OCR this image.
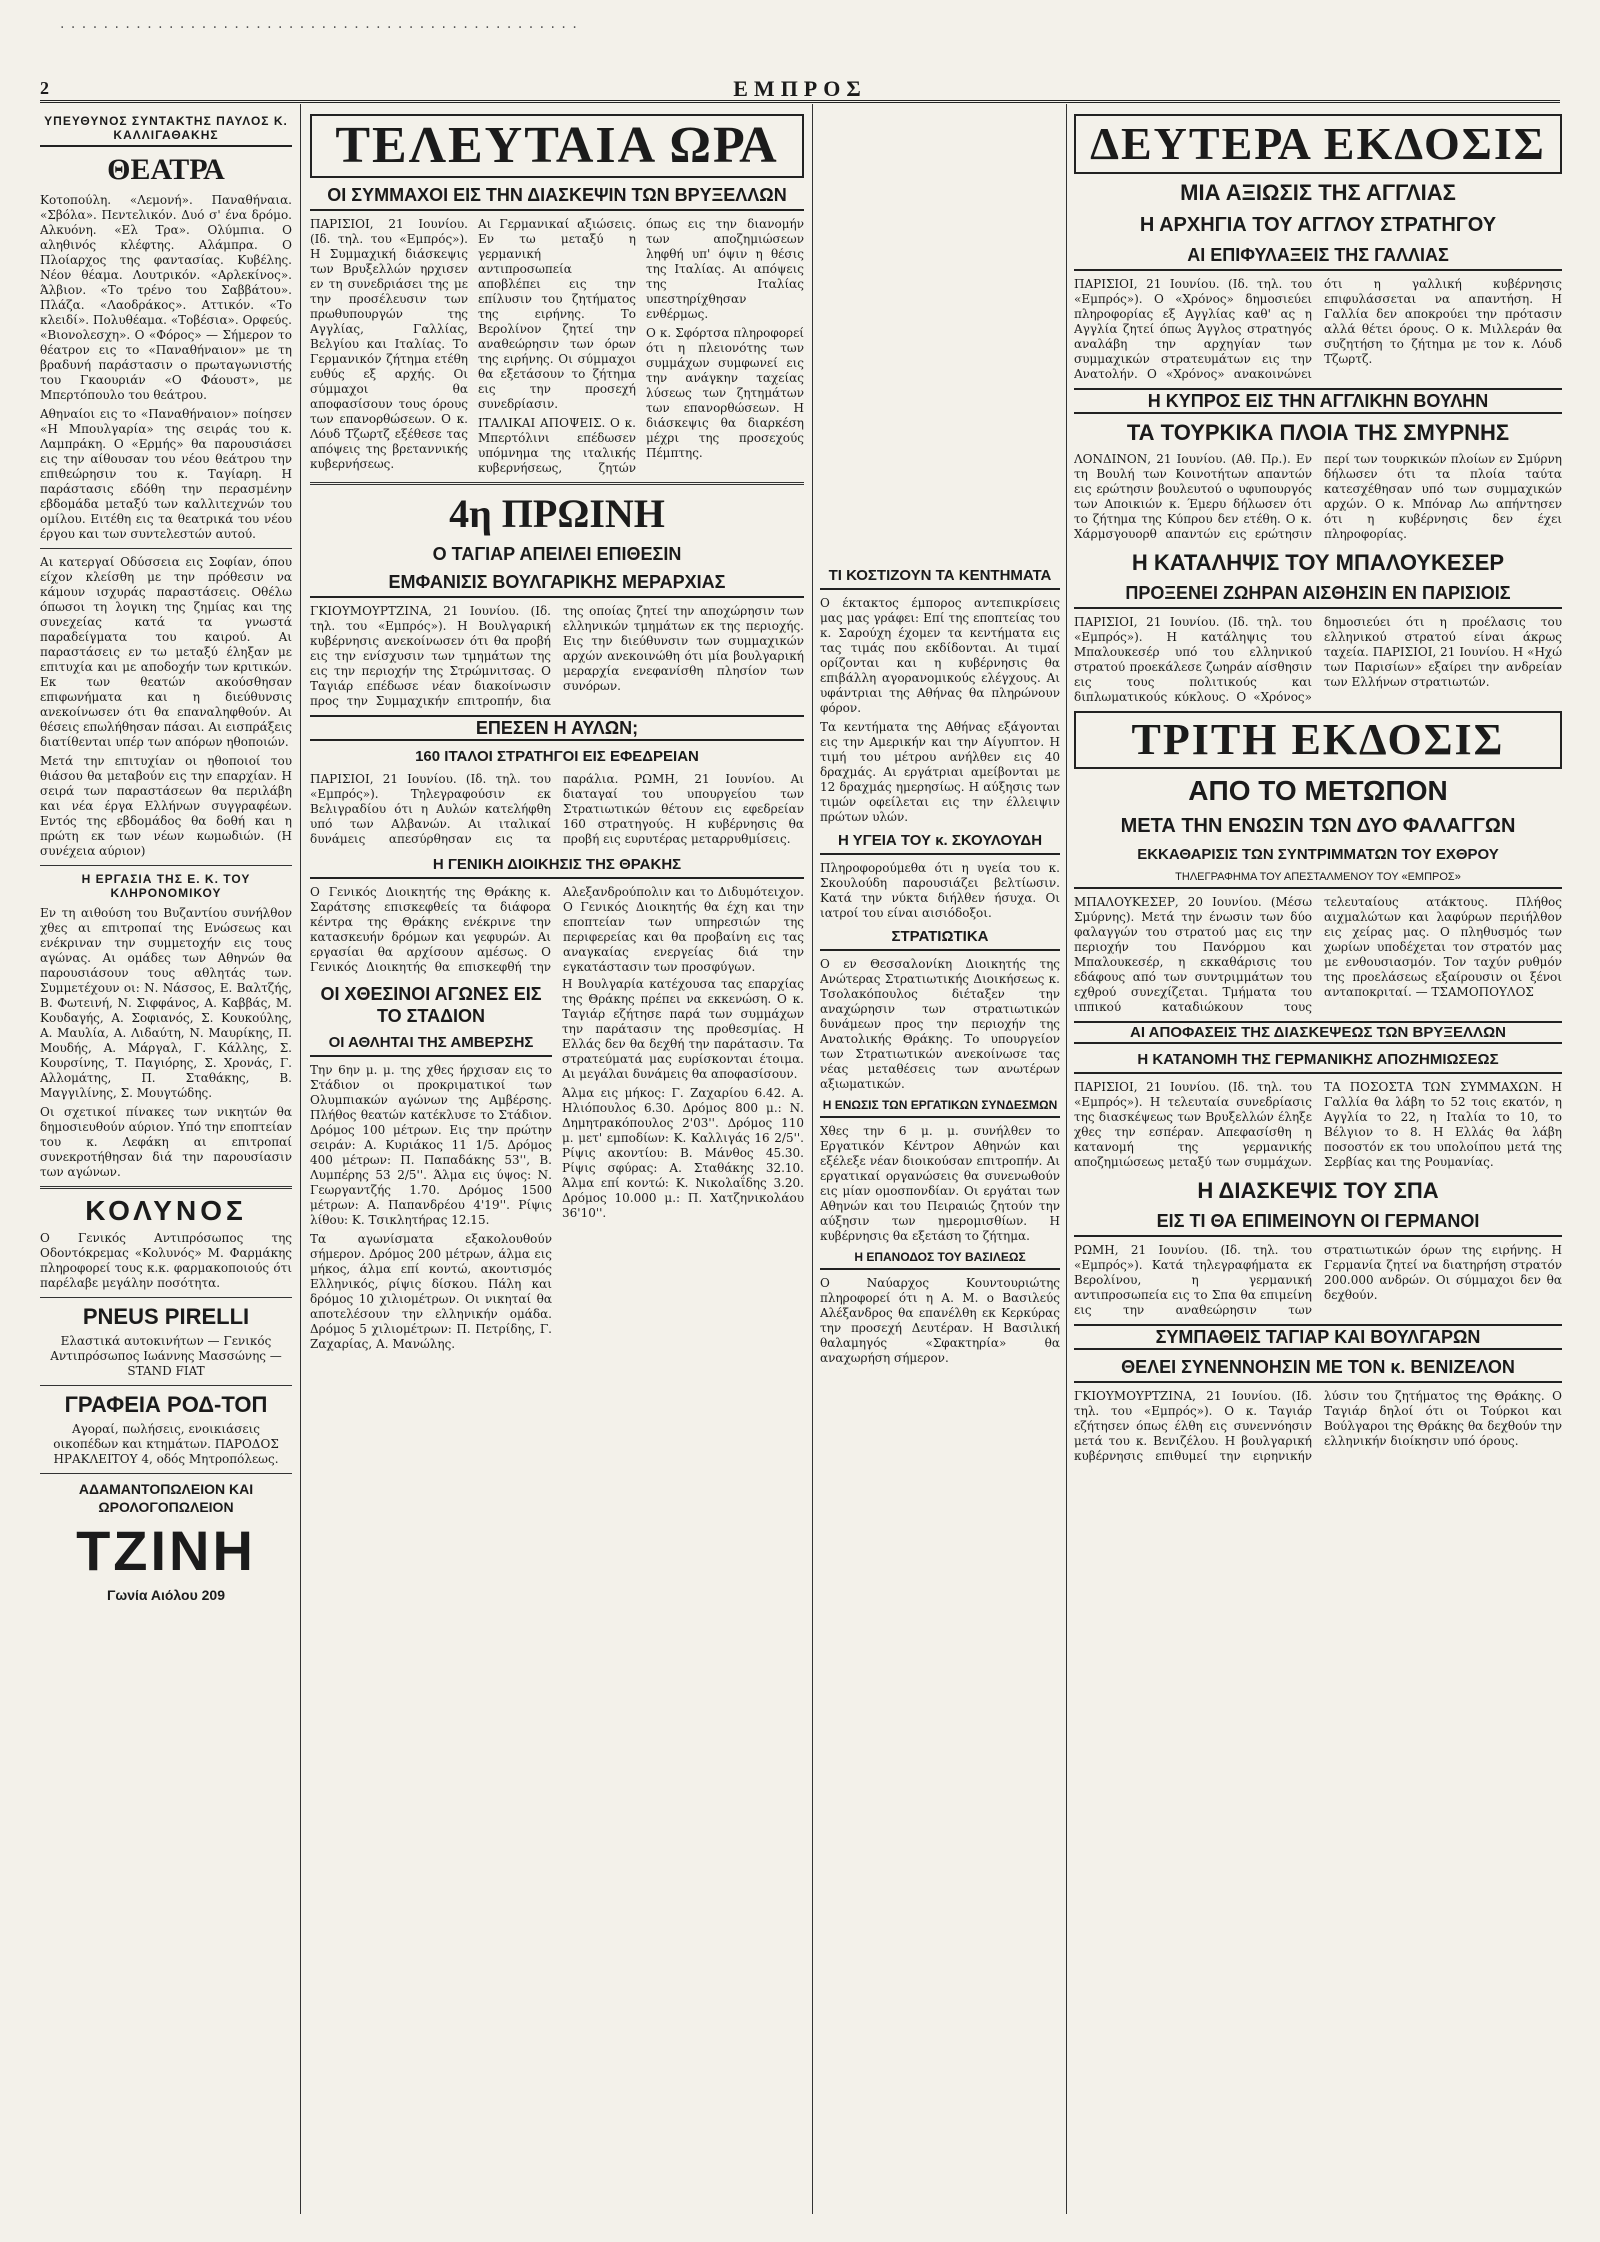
· · · · · · · · · · · · · · · · · · · · · · · · · · · · · · · · · · · · · · · · · · · · · · · ·
2	ΕΜΠΡΟΣ
ΥΠΕΥΘΥΝΟΣ ΣΥΝΤΑΚΤΗΣ ΠΑΥΛΟΣ Κ. ΚΑΛΛΙΓΑΘΑΚΗΣ
ΘΕΑΤΡΑ

Κοτοπούλη. «Λεμονή». Παναθήναια. «Σβόλα». Πεντελικόν. Δυό σ' ένα δρόμο. Αλκυόνη. «Ελ Τρα». Ολύμπια. Ο αληθινός κλέφτης. Αλάμπρα. Ο Πλοίαρχος της φαντασίας. Κυβέλης. Νέον θέαμα. Λουτρικόν. «Αρλεκίνος». Άλβιον. «Το τρένο του Σαββάτου». Πλάζα. «Λαοδράκος». Αττικόν. «Το κλειδί». Πολυθέαμα. «Τοβέσια». Ορφεύς. «Βιονολεσχη». Ο «Φόρος» — Σήμερον το θέατρον εις το «Παναθήναιον» με τη βραδυνή παράστασιν ο πρωταγωνιστής του Γκαουριάν «Ο Φάουστ», με Μπερτόπουλο του θεάτρου.

Αθηναίοι εις το «Παναθήναιον» ποίησεν «Η Μπουλγαρία» της σειράς του κ. Λαμπράκη. Ο «Ερμής» θα παρουσιάσει εις την αίθουσαν του νέου θεάτρου την επιθεώρησιν του κ. Ταγίαρη. Η παράστασις εδόθη την περασμένην εβδομάδα μεταξύ των καλλιτεχνών του ομίλου. Ειτέθη εις τα θεατρικά του νέου έργου και των συντελεστών αυτού.

Αι κατεργαί Οδύσσεια εις Σοφίαν, όπου είχον κλείσθη με την πρόθεσιν να κάμουν ισχυράς παραστάσεις. Οθέλω όπωσοι τη λογικη της ζημίας και της συνεχείας κατά τα γνωστά παραδείγματα του καιρού. Αι παραστάσεις εν τω μεταξύ έληξαν με επιτυχία και με αποδοχήν των κριτικών. Εκ των θεατών ακούσθησαν επιφωνήματα και η διεύθυνσις ανεκοίνωσεν ότι θα επαναληφθούν. Αι θέσεις επωλήθησαν πάσαι. Αι εισπράξεις διατίθενται υπέρ των απόρων ηθοποιών.

Μετά την επιτυχίαν οι ηθοποιοί του θιάσου θα μεταβούν εις την επαρχίαν. Η σειρά των παραστάσεων θα περιλάβη και νέα έργα Ελλήνων συγγραφέων. Εντός της εβδομάδος θα δοθή και η πρώτη εκ των νέων κωμωδιών. (Η συνέχεια αύριον)

Η ΕΡΓΑΣΙΑ ΤΗΣ Ε. Κ. ΤΟΥ ΚΛΗΡΟΝΟΜΙΚΟΥ

Εν τη αιθούση του Βυζαντίου συνήλθον χθες αι επιτροπαί της Ενώσεως και ενέκριναν την συμμετοχήν εις τους αγώνας. Αι ομάδες των Αθηνών θα παρουσιάσουν τους αθλητάς των. Συμμετέχουν οι: Ν. Νάσσος, Ε. Βαλτζής, Β. Φωτεινή, Ν. Σιφφάνος, Α. Καββάς, Μ. Κουδαγής, Α. Σοφιανός, Σ. Κουκούλης, Α. Μαυλία, Α. Λιδαύτη, Ν. Μαυρίκης, Π. Μουδής, Α. Μάργαλ, Γ. Κάλλης, Σ. Κουρσίνης, Τ. Παγιόρης, Σ. Χρονάς, Γ. Αλλομάτης, Π. Σταθάκης, Β. Μαγγιλίνης, Σ. Μουγτώδης.

Οι σχετικοί πίνακες των νικητών θα δημοσιευθούν αύριον. Υπό την εποπτείαν του κ. Λεφάκη αι επιτροπαί συνεκροτήθησαν διά την παρουσίασιν των αγώνων.

ΚΟΛΥΝΟΣ

Ο Γενικός Αντιπρόσωπος της Οδοντόκρεμας «Κολυνός» Μ. Φαρμάκης πληροφορεί τους κ.κ. φαρμακοποιούς ότι παρέλαβε μεγάλην ποσότητα.

PNEUS PIRELLI

Ελαστικά αυτοκινήτων — Γενικός Αντιπρόσωπος Ιωάννης Μασσώνης — STAND FIAT

ΓΡΑΦΕΙΑ ΡΟΔ-ΤΟΠ

Αγοραί, πωλήσεις, ενοικιάσεις οικοπέδων και κτημάτων. ΠΑΡΟΔΟΣ ΗΡΑΚΛΕΙΤΟΥ 4, οδός Μητροπόλεως.

ΑΔΑΜΑΝΤΟΠΩΛΕΙΟΝ ΚΑΙ ΩΡΟΛΟΓΟΠΩΛΕΙΟΝ
ΤΖΙΝΗ
Γωνία Αιόλου 209
ΤΕΛΕΥΤΑΙΑ ΩΡΑ
ΟΙ ΣΥΜΜΑΧΟΙ ΕΙΣ ΤΗΝ ΔΙΑΣΚΕΨΙΝ ΤΩΝ ΒΡΥΞΕΛΛΩΝ

ΠΑΡΙΣΙΟΙ, 21 Ιουνίου. (Ιδ. τηλ. του «Εμπρός»). Η Συμμαχική διάσκεψις των Βρυξελλών ηρχισεν εν τη συνεδριάσει της με την προσέλευσιν των πρωθυπουργών της Αγγλίας, Γαλλίας, Βελγίου και Ιταλίας. Το Γερμανικόν ζήτημα ετέθη ευθύς εξ αρχής. Οι σύμμαχοι θα αποφασίσουν τους όρους των επανορθώσεων. Ο κ. Λόυδ Τζωρτζ εξέθεσε τας απόψεις της βρεταννικής κυβερνήσεως.

Αι Γερμανικαί αξιώσεις. Εν τω μεταξύ η γερμανική αντιπροσωπεία αποβλέπει εις την επίλυσιν του ζητήματος της ειρήνης. Το Βερολίνον ζητεί την αναθεώρησιν των όρων της ειρήνης. Οι σύμμαχοι θα εξετάσουν το ζήτημα εις την προσεχή συνεδρίασιν.

ΙΤΑΛΙΚΑΙ ΑΠΟΨΕΙΣ. Ο κ. Μπερτόλινι επέδωσεν υπόμνημα της ιταλικής κυβερνήσεως, ζητών όπως εις την διανομήν των αποζημιώσεων ληφθή υπ' όψιν η θέσις της Ιταλίας. Αι απόψεις της Ιταλίας υπεστηρίχθησαν ενθέρμως.

Ο κ. Σφόρτσα πληροφορεί ότι η πλειονότης των συμμάχων συμφωνεί εις την ανάγκην ταχείας λύσεως των ζητημάτων των επανορθώσεων. Η διάσκεψις θα διαρκέση μέχρι της προσεχούς Πέμπτης.

4η ΠΡΩΙΝΗ
Ο ΤΑΓΙΑΡ ΑΠΕΙΛΕΙ ΕΠΙΘΕΣΙΝ
ΕΜΦΑΝΙΣΙΣ ΒΟΥΛΓΑΡΙΚΗΣ ΜΕΡΑΡΧΙΑΣ

ΓΚΙΟΥΜΟΥΡΤΖΙΝΑ, 21 Ιουνίου. (Ιδ. τηλ. του «Εμπρός»). Η Βουλγαρική κυβέρνησις ανεκοίνωσεν ότι θα προβή εις την ενίσχυσιν των τμημάτων της εις την περιοχήν της Στρώμνιτσας. Ο Ταγιάρ επέδωσε νέαν διακοίνωσιν προς την Συμμαχικήν επιτροπήν, δια της οποίας ζητεί την αποχώρησιν των ελληνικών τμημάτων εκ της περιοχής. Εις την διεύθυνσιν των συμμαχικών αρχών ανεκοινώθη ότι μία βουλγαρική μεραρχία ενεφανίσθη πλησίον των συνόρων.

ΕΠΕΣΕΝ Η ΑΥΛΩΝ;
160 ΙΤΑΛΟΙ ΣΤΡΑΤΗΓΟΙ ΕΙΣ ΕΦΕΔΡΕΙΑΝ

ΠΑΡΙΣΙΟΙ, 21 Ιουνίου. (Ιδ. τηλ. του «Εμπρός»). Τηλεγραφούσιν εκ Βελιγραδίου ότι η Αυλών κατελήφθη υπό των Αλβανών. Αι ιταλικαί δυνάμεις απεσύρθησαν εις τα παράλια. ΡΩΜΗ, 21 Ιουνίου. Αι διαταγαί του υπουργείου των Στρατιωτικών θέτουν εις εφεδρείαν 160 στρατηγούς. Η κυβέρνησις θα προβή εις ευρυτέρας μεταρρυθμίσεις.

Η ΓΕΝΙΚΗ ΔΙΟΙΚΗΣΙΣ ΤΗΣ ΘΡΑΚΗΣ

Ο Γενικός Διοικητής της Θράκης κ. Σαράτσης επισκεφθείς τα διάφορα κέντρα της Θράκης ενέκρινε την κατασκευήν δρόμων και γεφυρών. Αι εργασίαι θα αρχίσουν αμέσως. Ο Γενικός Διοικητής θα επισκεφθή την Αλεξανδρούπολιν και το Διδυμότειχον. Ο Γενικός Διοικητής θα έχη και την εποπτείαν των υπηρεσιών της περιφερείας και θα προβαίνη εις τας αναγκαίας ενεργείας διά την εγκατάστασιν των προσφύγων.

ΟΙ ΧΘΕΣΙΝΟΙ ΑΓΩΝΕΣ ΕΙΣ ΤΟ ΣΤΑΔΙΟΝ
ΟΙ ΑΘΛΗΤΑΙ ΤΗΣ ΑΜΒΕΡΣΗΣ

Την 6ην μ. μ. της χθες ήρχισαν εις το Στάδιον οι προκριματικοί των Ολυμπιακών αγώνων της Αμβέρσης. Πλήθος θεατών κατέκλυσε το Στάδιον. Δρόμος 100 μέτρων. Εις την πρώτην σειράν: Α. Κυριάκος 11 1/5. Δρόμος 400 μέτρων: Π. Παπαδάκης 53'', Β. Λυμπέρης 53 2/5''. Άλμα εις ύψος: Ν. Γεωργαντζής 1.70. Δρόμος 1500 μέτρων: Α. Παπανδρέου 4'19''. Ρίψις λίθου: Κ. Τσικλητήρας 12.15.

Τα αγωνίσματα εξακολουθούν σήμερον. Δρόμος 200 μέτρων, άλμα εις μήκος, άλμα επί κοντώ, ακοντισμός Ελληνικός, ρίψις δίσκου. Πάλη και δρόμος 10 χιλιομέτρων. Οι νικηταί θα αποτελέσουν την ελληνικήν ομάδα. Δρόμος 5 χιλιομέτρων: Π. Πετρίδης, Γ. Ζαχαρίας, Α. Μανώλης.

Η Βουλγαρία κατέχουσα τας επαρχίας της Θράκης πρέπει να εκκενώση. Ο κ. Ταγιάρ εζήτησε παρά των συμμάχων την παράτασιν της προθεσμίας. Η Ελλάς δεν θα δεχθή την παράτασιν. Τα στρατεύματά μας ευρίσκονται έτοιμα. Αι μεγάλαι δυνάμεις θα αποφασίσουν.

Άλμα εις μήκος: Γ. Ζαχαρίου 6.42. Α. Ηλιόπουλος 6.30. Δρόμος 800 μ.: Ν. Δημητρακόπουλος 2'03''. Δρόμος 110 μ. μετ' εμποδίων: Κ. Καλλιγάς 16 2/5''. Ρίψις ακοντίου: Β. Μάνθος 45.30. Ρίψις σφύρας: Α. Σταθάκης 32.10. Άλμα επί κοντώ: Κ. Νικολαΐδης 3.20. Δρόμος 10.000 μ.: Π. Χατζηνικολάου 36'10''.

ΤΙ ΚΟΣΤΙΖΟΥΝ ΤΑ ΚΕΝΤΗΜΑΤΑ

Ο έκτακτος έμπορος αντεπικρίσεις μας μας γράφει: Επί της εποπτείας του κ. Σαρούχη έχομεν τα κεντήματα εις τας τιμάς που εκδίδονται. Αι τιμαί ορίζονται και η κυβέρνησις θα επιβάλλη αγορανομικούς ελέγχους. Αι υφάντριαι της Αθήνας θα πληρώνουν φόρον.

Τα κεντήματα της Αθήνας εξάγονται εις την Αμερικήν και την Αίγυπτον. Η τιμή του μέτρου ανήλθεν εις 40 δραχμάς. Αι εργάτριαι αμείβονται με 12 δραχμάς ημερησίως. Η αύξησις των τιμών οφείλεται εις την έλλειψιν πρώτων υλών.

Η ΥΓΕΙΑ ΤΟΥ κ. ΣΚΟΥΛΟΥΔΗ

Πληροφορούμεθα ότι η υγεία του κ. Σκουλούδη παρουσιάζει βελτίωσιν. Κατά την νύκτα διήλθεν ήσυχα. Οι ιατροί του είναι αισιόδοξοι.

ΣΤΡΑΤΙΩΤΙΚΑ

Ο εν Θεσσαλονίκη Διοικητής της Ανώτερας Στρατιωτικής Διοικήσεως κ. Τσολακόπουλος διέταξεν την αναχώρησιν των στρατιωτικών δυνάμεων προς την περιοχήν της Ανατολικής Θράκης. Το υπουργείον των Στρατιωτικών ανεκοίνωσε τας νέας μεταθέσεις των ανωτέρων αξιωματικών.

Η ΕΝΩΣΙΣ ΤΩΝ ΕΡΓΑΤΙΚΩΝ ΣΥΝΔΕΣΜΩΝ

Χθες την 6 μ. μ. συνήλθεν το Εργατικόν Κέντρον Αθηνών και εξέλεξε νέαν διοικούσαν επιτροπήν. Αι εργατικαί οργανώσεις θα συνενωθούν εις μίαν ομοσπονδίαν. Οι εργάται των Αθηνών και του Πειραιώς ζητούν την αύξησιν των ημερομισθίων. Η κυβέρνησις θα εξετάση το ζήτημα.

Η ΕΠΑΝΟΔΟΣ ΤΟΥ ΒΑΣΙΛΕΩΣ

Ο Ναύαρχος Κουντουριώτης πληροφορεί ότι η Α. Μ. ο Βασιλεύς Αλέξανδρος θα επανέλθη εκ Κερκύρας την προσεχή Δευτέραν. Η Βασιλική θαλαμηγός «Σφακτηρία» θα αναχωρήση σήμερον.

ΔΕΥΤΕΡΑ ΕΚΔΟΣΙΣ
ΜΙΑ ΑΞΙΩΣΙΣ ΤΗΣ ΑΓΓΛΙΑΣ
Η ΑΡΧΗΓΙΑ ΤΟΥ ΑΓΓΛΟΥ ΣΤΡΑΤΗΓΟΥ
ΑΙ ΕΠΙΦΥΛΑΞΕΙΣ ΤΗΣ ΓΑΛΛΙΑΣ

ΠΑΡΙΣΙΟΙ, 21 Ιουνίου. (Ιδ. τηλ. του «Εμπρός»). Ο «Χρόνος» δημοσιεύει πληροφορίας εξ Αγγλίας καθ' ας η Αγγλία ζητεί όπως Άγγλος στρατηγός αναλάβη την αρχηγίαν των συμμαχικών στρατευμάτων εις την Ανατολήν. Ο «Χρόνος» ανακοινώνει ότι η γαλλική κυβέρνησις επιφυλάσσεται να απαντήση. Η Γαλλία δεν αποκρούει την πρότασιν αλλά θέτει όρους. Ο κ. Μιλλεράν θα συζητήση το ζήτημα με τον κ. Λόυδ Τζωρτζ.

Η ΚΥΠΡΟΣ ΕΙΣ ΤΗΝ ΑΓΓΛΙΚΗΝ ΒΟΥΛΗΝ
ΤΑ ΤΟΥΡΚΙΚΑ ΠΛΟΙΑ ΤΗΣ ΣΜΥΡΝΗΣ

ΛΟΝΔΙΝΟΝ, 21 Ιουνίου. (Αθ. Πρ.). Εν τη Βουλή των Κοινοτήτων απαντών εις ερώτησιν βουλευτού ο υφυπουργός των Αποικιών κ. Έμερυ δήλωσεν ότι το ζήτημα της Κύπρου δεν ετέθη. Ο κ. Χάρμσγουορθ απαντών εις ερώτησιν περί των τουρκικών πλοίων εν Σμύρνη δήλωσεν ότι τα πλοία ταύτα κατεσχέθησαν υπό των συμμαχικών αρχών. Ο κ. Μπόναρ Λω απήντησεν ότι η κυβέρνησις δεν έχει πληροφορίας.

Η ΚΑΤΑΛΗΨΙΣ ΤΟΥ ΜΠΑΛΟΥΚΕΣΕΡ
ΠΡΟΞΕΝΕΙ ΖΩΗΡΑΝ ΑΙΣΘΗΣΙΝ ΕΝ ΠΑΡΙΣΙΟΙΣ

ΠΑΡΙΣΙΟΙ, 21 Ιουνίου. (Ιδ. τηλ. του «Εμπρός»). Η κατάληψις του Μπαλουκεσέρ υπό του ελληνικού στρατού προεκάλεσε ζωηράν αίσθησιν εις τους πολιτικούς και διπλωματικούς κύκλους. Ο «Χρόνος» δημοσιεύει ότι η προέλασις του ελληνικού στρατού είναι άκρως ταχεία. ΠΑΡΙΣΙΟΙ, 21 Ιουνίου. Η «Ηχώ των Παρισίων» εξαίρει την ανδρείαν των Ελλήνων στρατιωτών.

ΤΡΙΤΗ ΕΚΔΟΣΙΣ
ΑΠΟ ΤΟ ΜΕΤΩΠΟΝ
ΜΕΤΑ ΤΗΝ ΕΝΩΣΙΝ ΤΩΝ ΔΥΟ ΦΑΛΑΓΓΩΝ
ΕΚΚΑΘΑΡΙΣΙΣ ΤΩΝ ΣΥΝΤΡΙΜΜΑΤΩΝ ΤΟΥ ΕΧΘΡΟΥ
ΤΗΛΕΓΡΑΦΗΜΑ ΤΟΥ ΑΠΕΣΤΑΛΜΕΝΟΥ ΤΟΥ «ΕΜΠΡΟΣ»

ΜΠΑΛΟΥΚΕΣΕΡ, 20 Ιουνίου. (Μέσω Σμύρνης). Μετά την ένωσιν των δύο φαλαγγών του στρατού μας εις την περιοχήν του Πανόρμου και Μπαλουκεσέρ, η εκκαθάρισις του εδάφους από των συντριμμάτων του εχθρού συνεχίζεται. Τμήματα του ιππικού καταδιώκουν τους τελευταίους ατάκτους. Πλήθος αιχμαλώτων και λαφύρων περιήλθον εις χείρας μας. Ο πληθυσμός των χωρίων υποδέχεται τον στρατόν μας με ενθουσιασμόν. Τον ταχύν ρυθμόν της προελάσεως εξαίρουσιν οι ξένοι ανταποκριταί. — ΤΣΑΜΟΠΟΥΛΟΣ

ΑΙ ΑΠΟΦΑΣΕΙΣ ΤΗΣ ΔΙΑΣΚΕΨΕΩΣ ΤΩΝ ΒΡΥΞΕΛΛΩΝ
Η ΚΑΤΑΝΟΜΗ ΤΗΣ ΓΕΡΜΑΝΙΚΗΣ ΑΠΟΖΗΜΙΩΣΕΩΣ

ΠΑΡΙΣΙΟΙ, 21 Ιουνίου. (Ιδ. τηλ. του «Εμπρός»). Η τελευταία συνεδρίασις της διασκέψεως των Βρυξελλών έληξε χθες την εσπέραν. Απεφασίσθη η κατανομή της γερμανικής αποζημιώσεως μεταξύ των συμμάχων. ΤΑ ΠΟΣΟΣΤΑ ΤΩΝ ΣΥΜΜΑΧΩΝ. Η Γαλλία θα λάβη το 52 τοις εκατόν, η Αγγλία το 22, η Ιταλία το 10, το Βέλγιον το 8. Η Ελλάς θα λάβη ποσοστόν εκ του υπολοίπου μετά της Σερβίας και της Ρουμανίας.

Η ΔΙΑΣΚΕΨΙΣ ΤΟΥ ΣΠΑ
ΕΙΣ ΤΙ ΘΑ ΕΠΙΜΕΙΝΟΥΝ ΟΙ ΓΕΡΜΑΝΟΙ

ΡΩΜΗ, 21 Ιουνίου. (Ιδ. τηλ. του «Εμπρός»). Κατά τηλεγραφήματα εκ Βερολίνου, η γερμανική αντιπροσωπεία εις το Σπα θα επιμείνη εις την αναθεώρησιν των στρατιωτικών όρων της ειρήνης. Η Γερμανία ζητεί να διατηρήση στρατόν 200.000 ανδρών. Οι σύμμαχοι δεν θα δεχθούν.

ΣΥΜΠΑΘΕΙΣ ΤΑΓΙΑΡ ΚΑΙ ΒΟΥΛΓΑΡΩΝ
ΘΕΛΕΙ ΣΥΝΕΝΝΟΗΣΙΝ ΜΕ ΤΟΝ κ. ΒΕΝΙΖΕΛΟΝ

ΓΚΙΟΥΜΟΥΡΤΖΙΝΑ, 21 Ιουνίου. (Ιδ. τηλ. του «Εμπρός»). Ο κ. Ταγιάρ εζήτησεν όπως έλθη εις συνεννόησιν μετά του κ. Βενιζέλου. Η βουλγαρική κυβέρνησις επιθυμεί την ειρηνικήν λύσιν του ζητήματος της Θράκης. Ο Ταγιάρ δηλοί ότι οι Τούρκοι και Βούλγαροι της Θράκης θα δεχθούν την ελληνικήν διοίκησιν υπό όρους.
